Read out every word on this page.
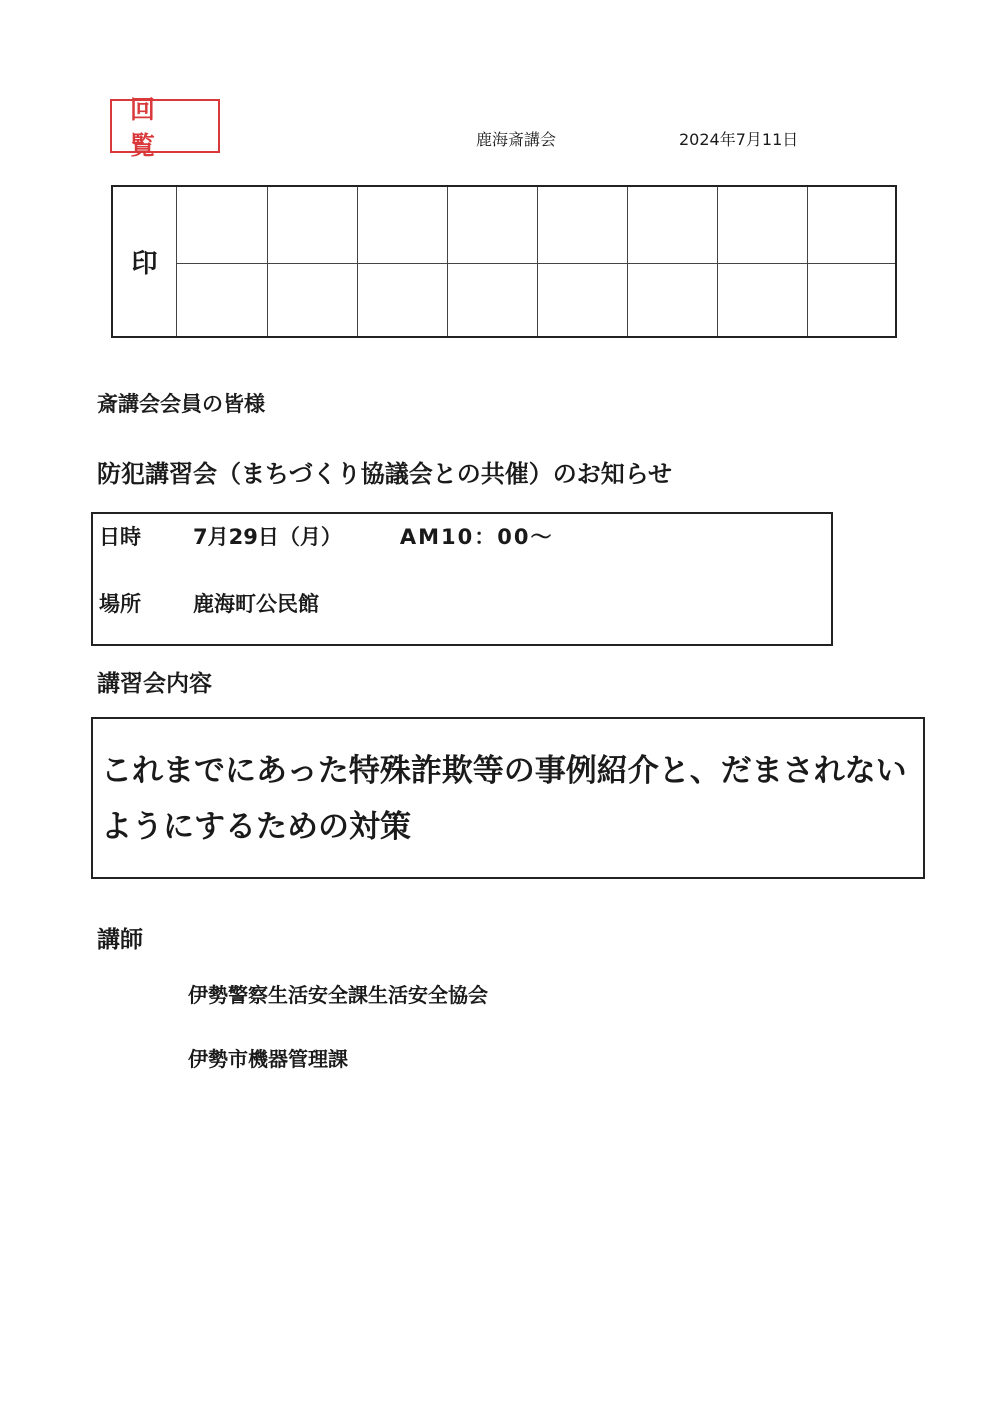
回 覧	鹿海斎講会	2024年7月11日
印
斎講会会員の皆様
防犯講習会（まちづくり協議会との共催）のお知らせ
日時	7月29日（月）	AM10：00～
場所	鹿海町公民館
講習会内容
これまでにあった特殊詐欺等の事例紹介と、だまされないようにするための対策
講師
伊勢警察生活安全課生活安全協会
伊勢市機器管理課
